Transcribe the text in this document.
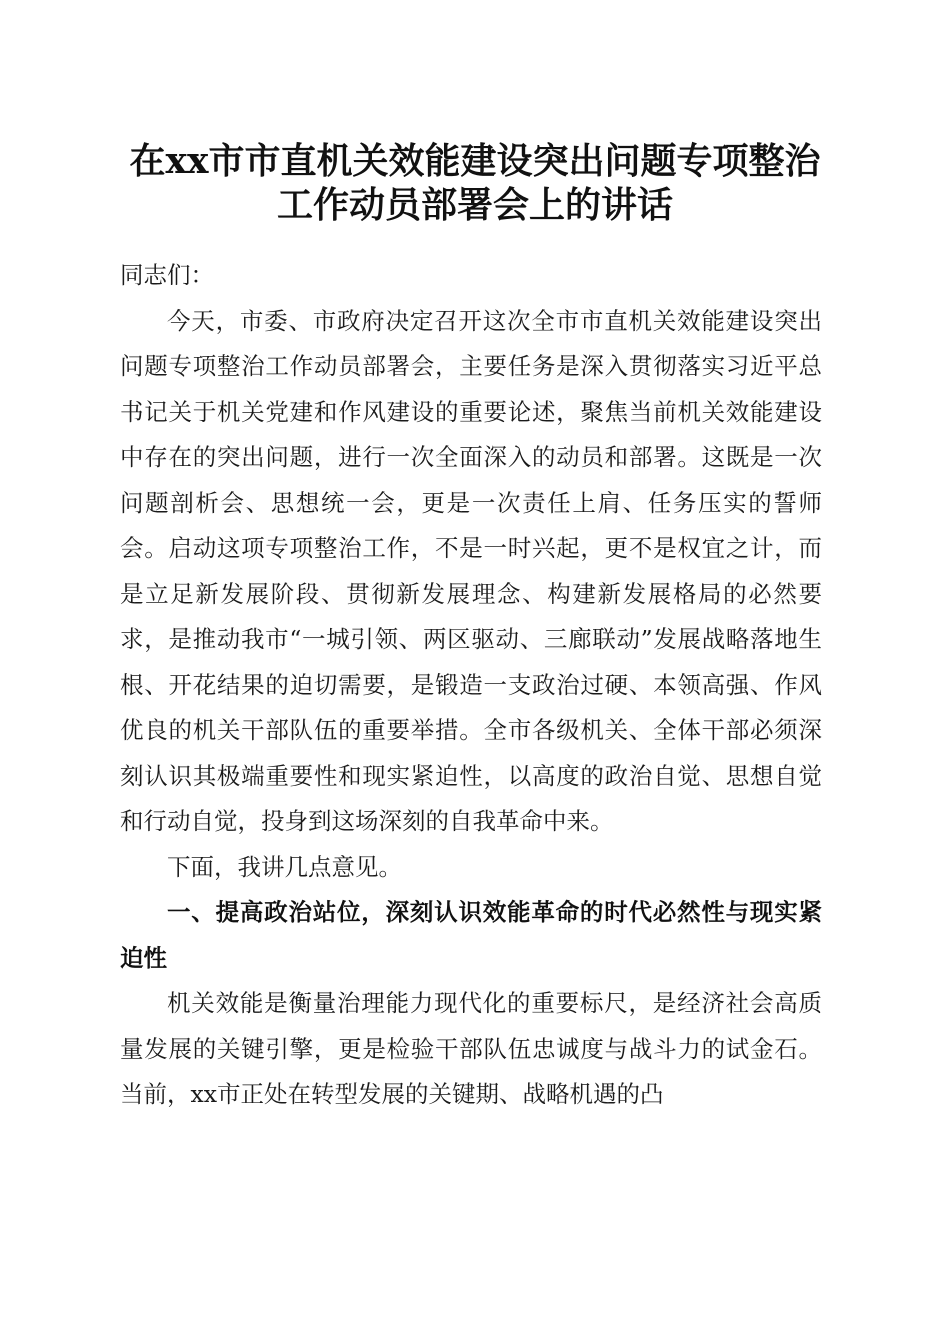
在xx市市直机关效能建设突出问题专项整治
工作动员部署会上的讲话

同志们：

今天，市委、市政府决定召开这次全市市直机关效能建设突出问题专项整治工作动员部署会，主要任务是深入贯彻落实习近平总书记关于机关党建和作风建设的重要论述，聚焦当前机关效能建设中存在的突出问题，进行一次全面深入的动员和部署。这既是一次问题剖析会、思想统一会，更是一次责任上肩、任务压实的誓师会。启动这项专项整治工作，不是一时兴起，更不是权宜之计，而是立足新发展阶段、贯彻新发展理念、构建新发展格局的必然要求，是推动我市“一城引领、两区驱动、三廊联动”发展战略落地生根、开花结果的迫切需要，是锻造一支政治过硬、本领高强、作风优良的机关干部队伍的重要举措。全市各级机关、全体干部必须深刻认识其极端重要性和现实紧迫性，以高度的政治自觉、思想自觉和行动自觉，投身到这场深刻的自我革命中来。

下面，我讲几点意见。

一、提高政治站位，深刻认识效能革命的时代必然性与现实紧迫性

机关效能是衡量治理能力现代化的重要标尺，是经济社会高质量发展的关键引擎，更是检验干部队伍忠诚度与战斗力的试金石。当前，xx市正处在转型发展的关键期、战略机遇的凸
